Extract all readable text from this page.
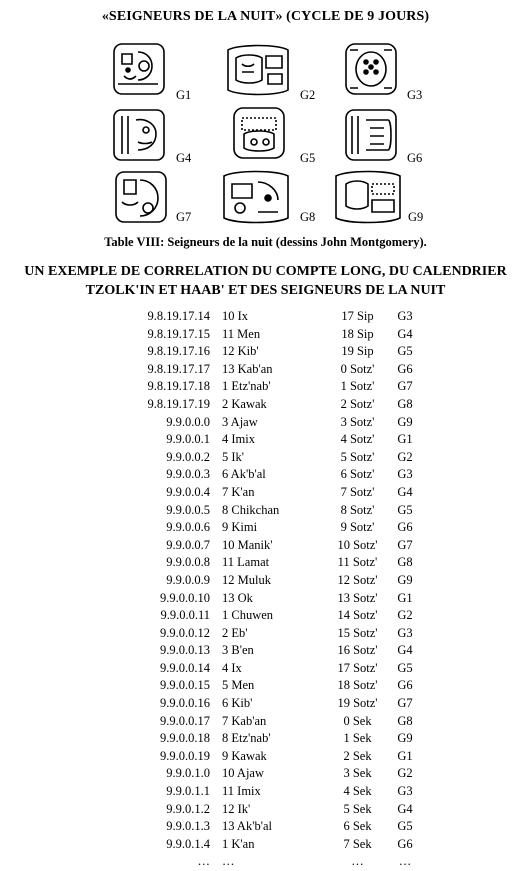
«SEIGNEURS DE LA NUIT» (CYCLE DE 9 JOURS)
G1	G2	G3
G4	G5	G6
G7	G8	G9
Table VIII: Seigneurs de la nuit (dessins John Montgomery).
UN EXEMPLE DE CORRELATION DU COMPTE LONG, DU CALENDRIER
TZOLK'IN ET HAAB' ET DES SEIGNEURS DE LA NUIT
9.8.19.17.14 10 Ix	17 Sip	G3
9.8.19.17.15 11 Men	18 Sip	G4
9.8.19.17.16 12 Kib'	19 Sip	G5
9.8.19.17.17 13 Kab'an	0 Sotz'	G6
9.8.19.17.18 1 Etz'nab'	1 Sotz'	G7
9.8.19.17.19 2 Kawak	2 Sotz'	G8
9.9.0.0.0 3 Ajaw	3 Sotz'	G9
9.9.0.0.1 4 Imix	4 Sotz'	G1
9.9.0.0.2 5 Ik'	5 Sotz'	G2
9.9.0.0.3 6 Ak'b'al	6 Sotz'	G3
9.9.0.0.4 7 K'an	7 Sotz'	G4
9.9.0.0.5 8 Chikchan	8 Sotz'	G5
9.9.0.0.6 9 Kimi	9 Sotz'	G6
9.9.0.0.7 10 Manik'	10 Sotz'	G7
9.9.0.0.8 11 Lamat	11 Sotz'	G8
9.9.0.0.9 12 Muluk	12 Sotz'	G9
9.9.0.0.10 13 Ok	13 Sotz'	G1
9.9.0.0.11 1 Chuwen	14 Sotz'	G2
9.9.0.0.12 2 Eb'	15 Sotz'	G3
9.9.0.0.13 3 B'en	16 Sotz'	G4
9.9.0.0.14 4 Ix	17 Sotz'	G5
9.9.0.0.15 5 Men	18 Sotz'	G6
9.9.0.0.16 6 Kib'	19 Sotz'	G7
9.9.0.0.17 7 Kab'an	0 Sek	G8
9.9.0.0.18 8 Etz'nab'	1 Sek	G9
9.9.0.0.19 9 Kawak	2 Sek	G1
9.9.0.1.0 10 Ajaw	3 Sek	G2
9.9.0.1.1 11 Imix	4 Sek	G3
9.9.0.1.2 12 Ik'	5 Sek	G4
9.9.0.1.3 13 Ak'b'al	6 Sek	G5
9.9.0.1.4 1 K'an	7 Sek	G6
… …	…	…
